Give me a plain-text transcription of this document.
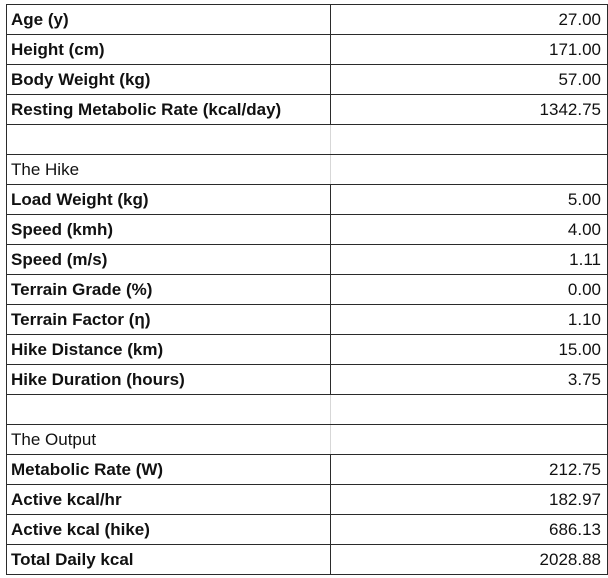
Age (y)	27.00
Height (cm)	171.00
Body Weight (kg)	57.00
Resting Metabolic Rate (kcal/day)	1342.75

The Hike	
Load Weight (kg)	5.00
Speed (kmh)	4.00
Speed (m/s)	1.11
Terrain Grade (%)	0.00
Terrain Factor (η)	1.10
Hike Distance (km)	15.00
Hike Duration (hours)	3.75

The Output	
Metabolic Rate (W)	212.75
Active kcal/hr	182.97
Active kcal (hike)	686.13
Total Daily kcal	2028.88
